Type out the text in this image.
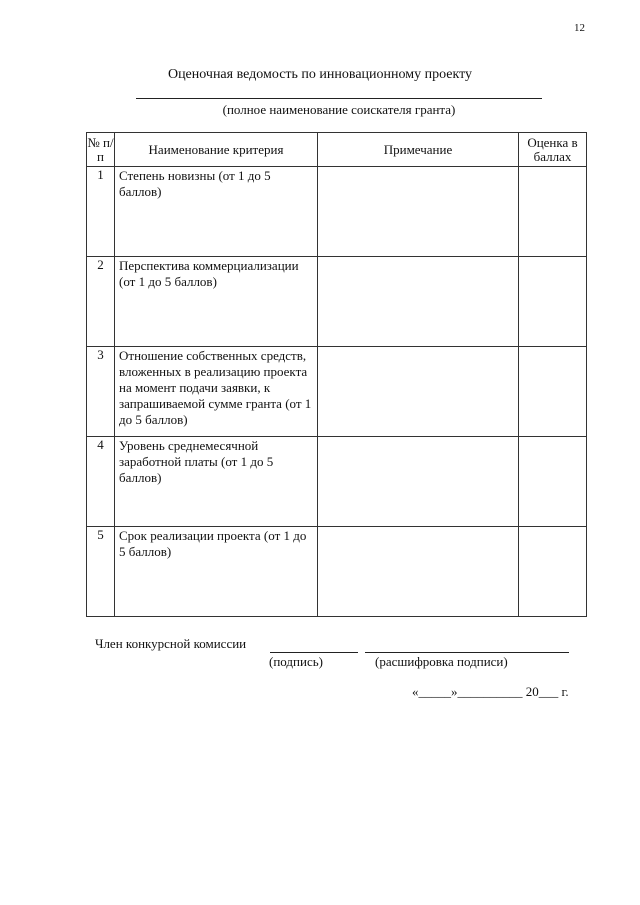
12
Оценочная ведомость по инновационному проекту
(полное наименование соискателя гранта)
№ п/п	Наименование критерия	Примечание	Оценка в баллах
1	Степень новизны (от 1 до 5 баллов)		

2	Перспектива коммерциализации (от 1 до 5 баллов)		

3	Отношение собственных средств, вложенных в реализацию проекта на момент подачи заявки, к запрашиваемой сумме гранта (от 1 до 5 баллов)		

4	Уровень среднемесячной заработной платы (от 1 до 5 баллов)		

5	Срок реализации проекта (от 1 до 5 баллов)		

Член конкурсной комиссии
(подпись)	(расшифровка подписи)
«_____»__________ 20___ г.
